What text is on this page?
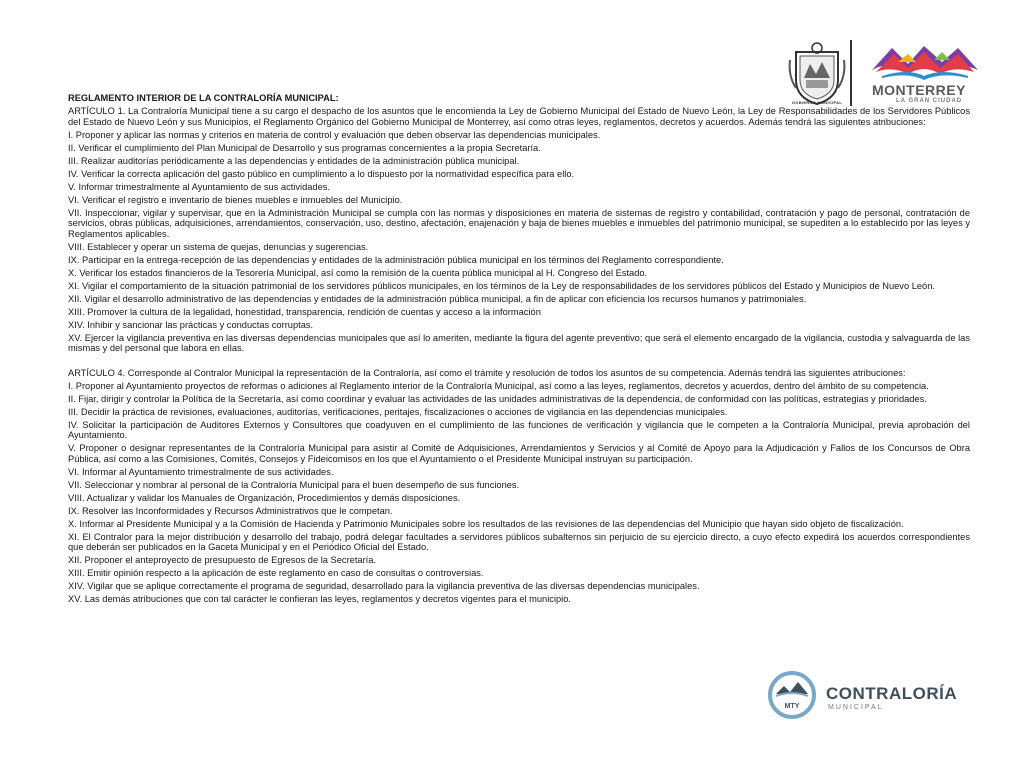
GOBIERNO MUNICIPAL
MONTERREY
LA GRAN CIUDAD

REGLAMENTO INTERIOR DE LA CONTRALORÍA MUNICIPAL:

ARTÍCULO 1. La Contraloría Municipal tiene a su cargo el despacho de los asuntos que le encomienda la Ley de Gobierno Municipal del Estado de Nuevo León, la Ley de Responsabilidades de los Servidores Públicos del Estado de Nuevo León y sus Municipios, el Reglamento Orgánico del Gobierno Municipal de Monterrey, así como otras leyes, reglamentos, decretos y acuerdos. Además tendrá las siguientes atribuciones:

I. Proponer y aplicar las normas y criterios en materia de control y evaluación que deben observar las dependencias municipales.

II. Verificar el cumplimiento del Plan Municipal de Desarrollo y sus programas concernientes a la propia Secretaría.

III. Realizar auditorías periódicamente a las dependencias y entidades de la administración pública municipal.

IV. Verificar la correcta aplicación del gasto público en cumplimiento a lo dispuesto por la normatividad específica para ello.

V. Informar trimestralmente al Ayuntamiento de sus actividades.

VI. Verificar el registro e inventario de bienes muebles e inmuebles del Municipio.

VII. Inspeccionar, vigilar y supervisar, que en la Administración Municipal se cumpla con las normas y disposiciones en materia de sistemas de registro y contabilidad, contratación y pago de personal, contratación de servicios, obras públicas, adquisiciones, arrendamientos, conservación, uso, destino, afectación, enajenación y baja de bienes muebles e inmuebles del patrimonio municipal, se supediten a lo establecido por las leyes y Reglamentos aplicables.

VIII. Establecer y operar un sistema de quejas, denuncias y sugerencias.

IX. Participar en la entrega-recepción de las dependencias y entidades de la administración pública municipal en los términos del Reglamento correspondiente.

X. Verificar los estados financieros de la Tesorería Municipal, así como la remisión de la cuenta pública municipal al H. Congreso del Estado.

XI. Vigilar el comportamiento de la situación patrimonial de los servidores públicos municipales, en los términos de la Ley de responsabilidades de los servidores públicos del Estado y Municipios de Nuevo León.

XII. Vigilar el desarrollo administrativo de las dependencias y entidades de la administración pública municipal, a fin de aplicar con eficiencia los recursos humanos y patrimoniales.

XIII. Promover la cultura de la legalidad, honestidad, transparencia, rendición de cuentas y acceso a la información

XIV. Inhibir y sancionar las prácticas y conductas corruptas.

XV. Ejercer la vigilancia preventiva en las diversas dependencias municipales que así lo ameriten, mediante la figura del agente preventivo; que será el elemento encargado de la vigilancia, custodia y salvaguarda de las mismas y del personal que labora en ellas.

ARTÍCULO 4. Corresponde al Contralor Municipal la representación de la Contraloría, así como el trámite y resolución de todos los asuntos de su competencia. Además tendrá las siguientes atribuciones:

I. Proponer al Ayuntamiento proyectos de reformas o adiciones al Reglamento interior de la Contraloría Municipal, así como a las leyes, reglamentos, decretos y acuerdos, dentro del ámbito de su competencia.

II. Fijar, dirigir y controlar la Política de la Secretaría, así como coordinar y evaluar las actividades de las unidades administrativas de la dependencia, de conformidad con las políticas, estrategias y prioridades.

III. Decidir la práctica de revisiones, evaluaciones, auditorías, verificaciones, peritajes, fiscalizaciones o acciones de vigilancia en las dependencias municipales.

IV. Solicitar la participación de Auditores Externos y Consultores que coadyuven en el cumplimiento de las funciones de verificación y vigilancia que le competen a la Contraloría Municipal, previa aprobación del Ayuntamiento.

V. Proponer o designar representantes de la Contraloría Municipal para asistir al Comité de Adquisiciones, Arrendamientos y Servicios y al Comité de Apoyo para la Adjudicación y Fallos de los Concursos de Obra Pública, así como a las Comisiones, Comités, Consejos y Fideicomisos en los que el Ayuntamiento o el Presidente Municipal instruyan su participación.

VI. Informar al Ayuntamiento trimestralmente de sus actividades.

VII. Seleccionar y nombrar al personal de la Contraloría Municipal para el buen desempeño de sus funciones.

VIII. Actualizar y validar los Manuales de Organización, Procedimientos y demás disposiciones.

IX. Resolver las Inconformidades y Recursos Administrativos que le competan.

X. Informar al Presidente Municipal y a la Comisión de Hacienda y Patrimonio Municipales sobre los resultados de las revisiones de las dependencias del Municipio que hayan sido objeto de fiscalización.

XI. El Contralor para la mejor distribución y desarrollo del trabajo, podrá delegar facultades a servidores públicos subalternos sin perjuicio de su ejercicio directo, a cuyo efecto expedirá los acuerdos correspondientes que deberán ser publicados en la Gaceta Municipal y en el Periódico Oficial del Estado.

XII. Proponer el anteproyecto de presupuesto de Egresos de la Secretaría.

XIII. Emitir opinión respecto a la aplicación de este reglamento en caso de consultas o controversias.

XIV. Vigilar que se aplique correctamente el programa de seguridad, desarrollado para la vigilancia preventiva de las diversas dependencias municipales.

XV. Las demás atribuciones que con tal carácter le confieran las leyes, reglamentos y decretos vigentes para el municipio.

MTY
CONTRALORÍA
MUNICIPAL
